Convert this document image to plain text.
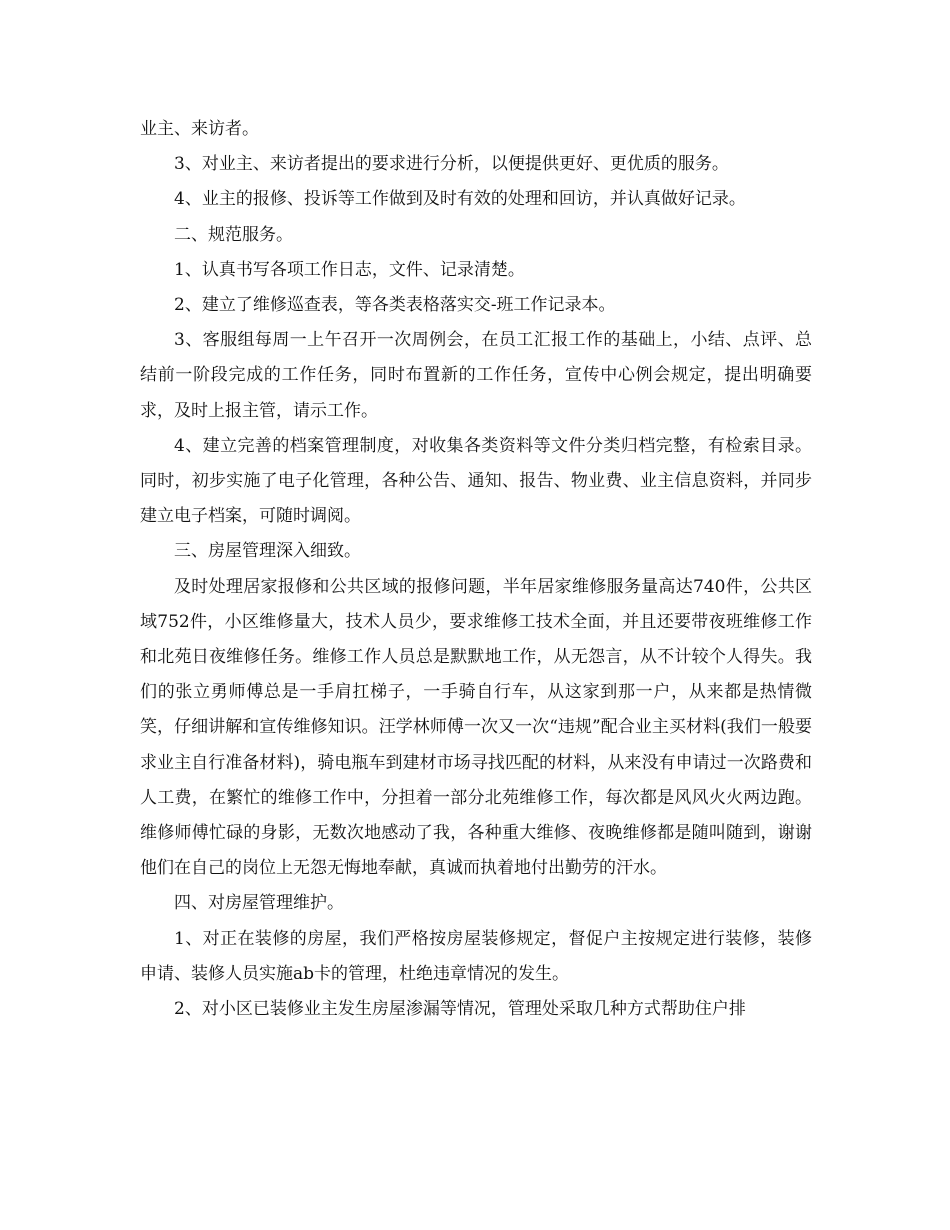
业主、来访者。

3、对业主、来访者提出的要求进行分析，以便提供更好、更优质的服务。

4、业主的报修、投诉等工作做到及时有效的处理和回访，并认真做好记录。

二、规范服务。

1、认真书写各项工作日志，文件、记录清楚。

2、建立了维修巡查表，等各类表格落实交-班工作记录本。

3、客服组每周一上午召开一次周例会，在员工汇报工作的基础上，小结、点评、总结前一阶段完成的工作任务，同时布置新的工作任务，宣传中心例会规定，提出明确要求，及时上报主管，请示工作。

4、建立完善的档案管理制度，对收集各类资料等文件分类归档完整，有检索目录。同时，初步实施了电子化管理，各种公告、通知、报告、物业费、业主信息资料，并同步建立电子档案，可随时调阅。

三、房屋管理深入细致。

及时处理居家报修和公共区域的报修问题，半年居家维修服务量高达740件，公共区域752件，小区维修量大，技术人员少，要求维修工技术全面，并且还要带夜班维修工作和北苑日夜维修任务。维修工作人员总是默默地工作，从无怨言，从不计较个人得失。我们的张立勇师傅总是一手肩扛梯子，一手骑自行车，从这家到那一户，从来都是热情微笑，仔细讲解和宣传维修知识。汪学林师傅一次又一次“违规”配合业主买材料(我们一般要求业主自行准备材料)，骑电瓶车到建材市场寻找匹配的材料，从来没有申请过一次路费和人工费，在繁忙的维修工作中，分担着一部分北苑维修工作，每次都是风风火火两边跑。维修师傅忙碌的身影，无数次地感动了我，各种重大维修、夜晚维修都是随叫随到，谢谢他们在自己的岗位上无怨无悔地奉献，真诚而执着地付出勤劳的汗水。

四、对房屋管理维护。

1、对正在装修的房屋，我们严格按房屋装修规定，督促户主按规定进行装修，装修申请、装修人员实施ab卡的管理，杜绝违章情况的发生。

2、对小区已装修业主发生房屋渗漏等情况，管理处采取几种方式帮助住户排
